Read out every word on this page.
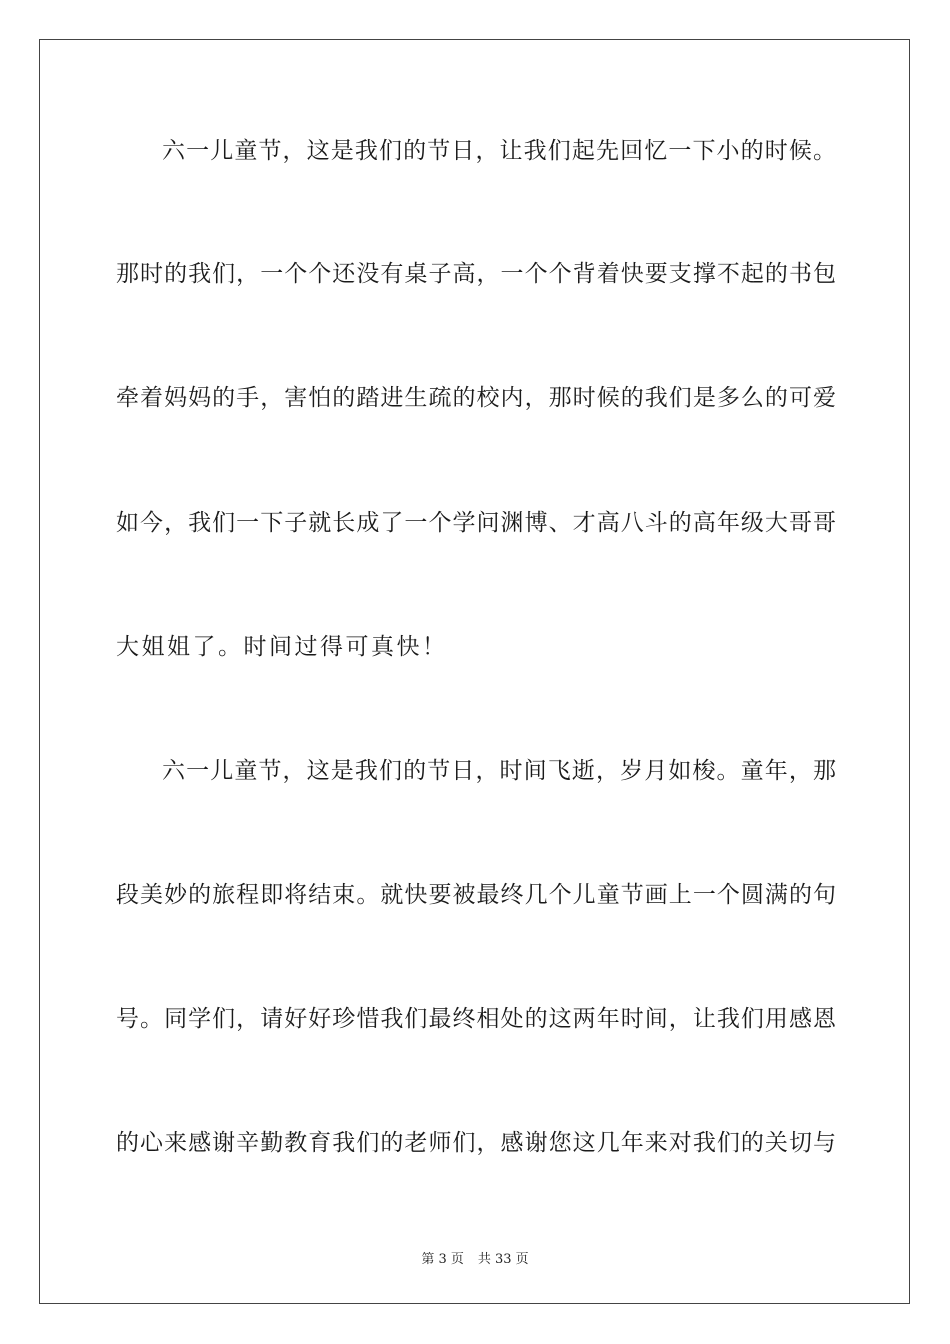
六一儿童节，这是我们的节日，让我们起先回忆一下小的时候。
那时的我们，一个个还没有桌子高，一个个背着快要支撑不起的书包
牵着妈妈的手，害怕的踏进生疏的校内，那时候的我们是多么的可爱
如今，我们一下子就长成了一个学问渊博、才高八斗的高年级大哥哥
大姐姐了。时间过得可真快！
六一儿童节，这是我们的节日，时间飞逝，岁月如梭。童年，那
段美妙的旅程即将结束。就快要被最终几个儿童节画上一个圆满的句
号。同学们，请好好珍惜我们最终相处的这两年时间，让我们用感恩
的心来感谢辛勤教育我们的老师们，感谢您这几年来对我们的关切与
第 3 页 共 33 页
